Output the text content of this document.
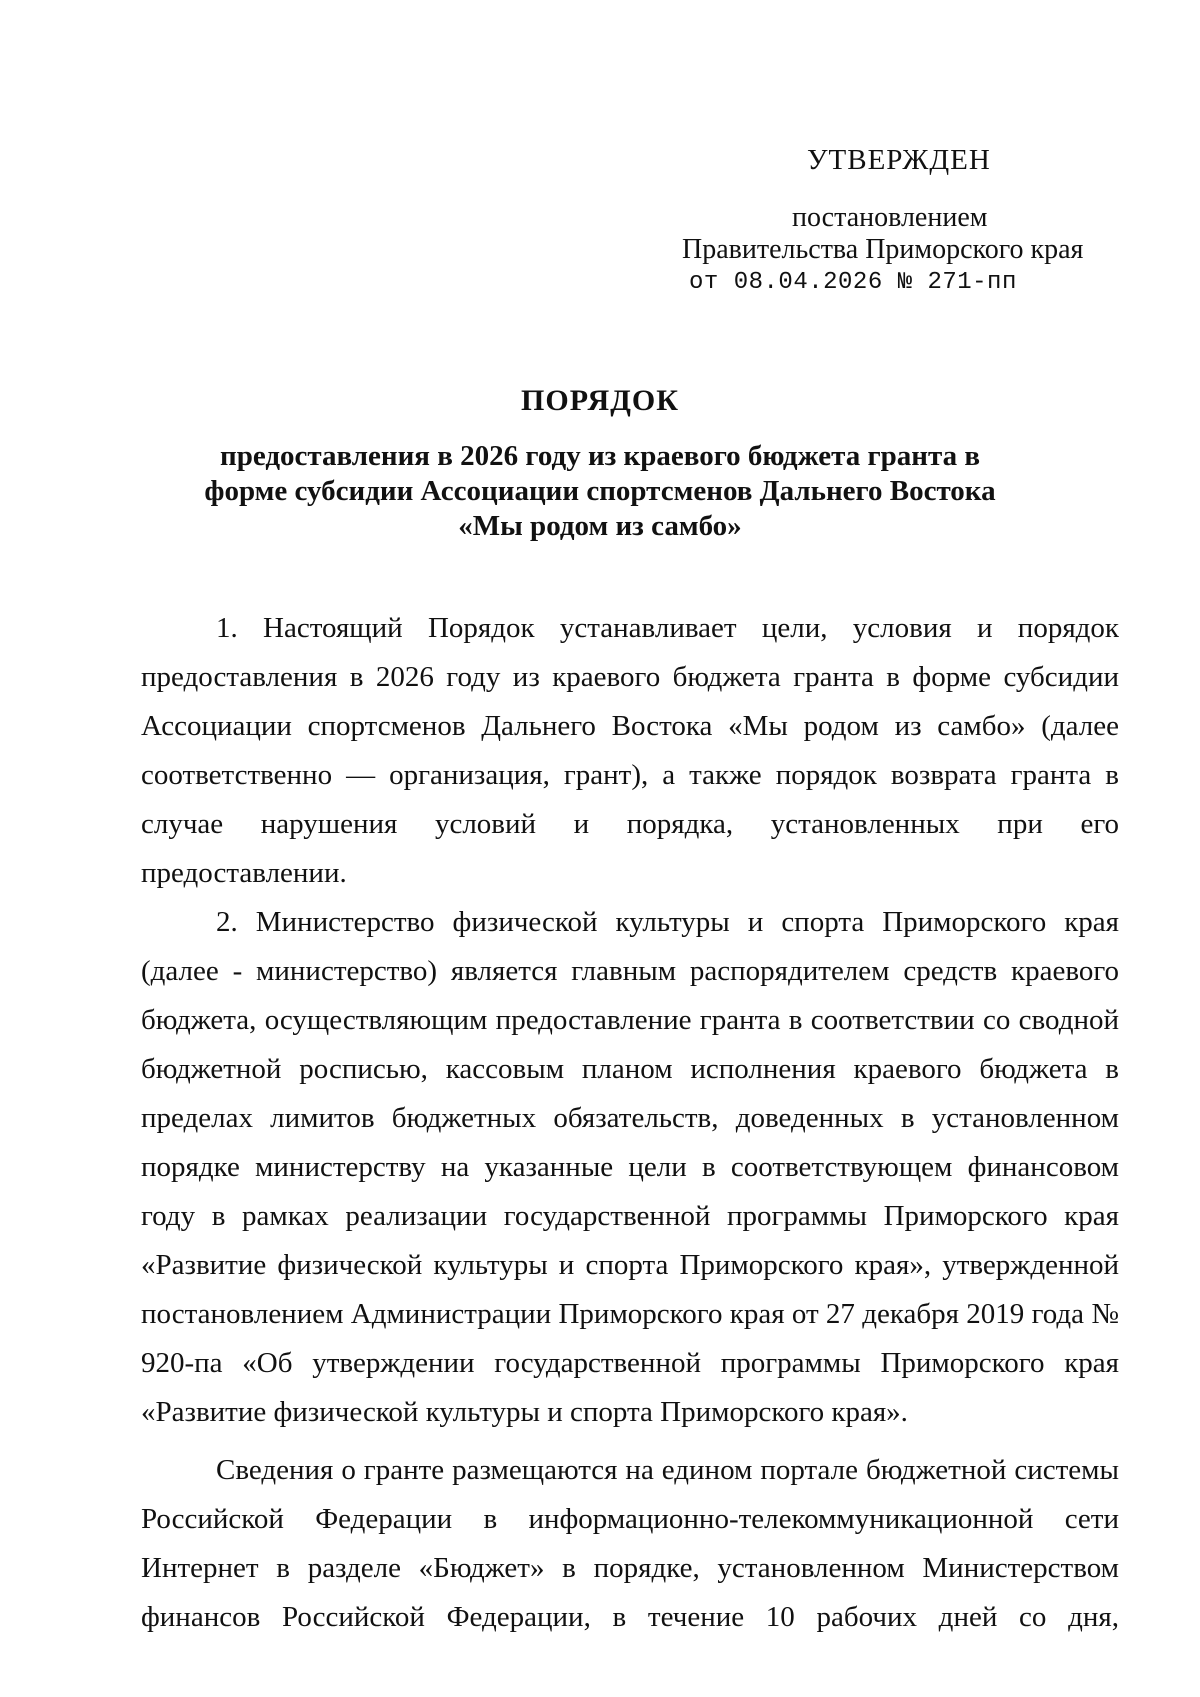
УТВЕРЖДЕН
постановлением
Правительства Приморского края
от 08.04.2026 № 271-пп
ПОРЯДОК
предоставления в 2026 году из краевого бюджета гранта в
форме субсидии Ассоциации спортсменов Дальнего Востока
«Мы родом из самбо»

1. Настоящий Порядок устанавливает цели, условия и порядок предоставления в 2026 году из краевого бюджета гранта в форме субсидии Ассоциации спортсменов Дальнего Востока «Мы родом из самбо» (далее соответственно — организация, грант), а также порядок возврата гранта в случае нарушения условий и порядка, установленных при его предоставлении.

2. Министерство физической культуры и спорта Приморского края (далее - министерство) является главным распорядителем средств краевого бюджета, осуществляющим предоставление гранта в соответствии со сводной бюджетной росписью, кассовым планом исполнения краевого бюджета в пределах лимитов бюджетных обязательств, доведенных в установленном порядке министерству на указанные цели в соответствующем финансовом году в рамках реализации государственной программы Приморского края «Развитие физической культуры и спорта Приморского края», утвержденной постановлением Администрации Приморского края от 27 декабря 2019 года № 920-па «Об утверждении государственной программы Приморского края «Развитие физической культуры и спорта Приморского края».

Сведения о гранте размещаются на едином портале бюджетной системы Российской Федерации в информационно-телекоммуникационной сети Интернет в разделе «Бюджет» в порядке, установленном Министерством финансов Российской Федерации, в течение 10 рабочих дней со дня,
